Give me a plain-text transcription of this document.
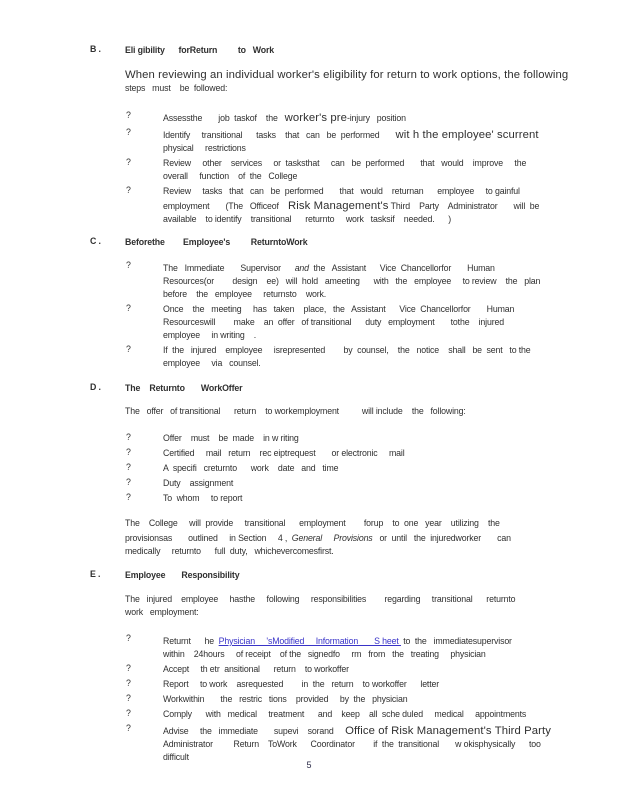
B .	Eli gibility      forReturn         to   Work
When reviewing an individual worker's eligibility for return to work options, the following
steps   must    be  followed:
?	Assessthe       job  taskof    the   worker's pre-injury   position
?	Identify     transitional      tasks    that   can   be  performed       wit h the employee' scurrent
physical     restrictions
?	Review     other    services     or  tasksthat     can   be  performed       that   would    improve     the
overall     function    of  the   College
?	Review     tasks   that   can   be  performed       that   would    returnan      employee     to gainful
employment       (The   Officeof    Risk Management's Third    Party    Administrator       will  be
available    to identify    transitional      returnto     work   tasksif    needed.      )
C .	Beforethe        Employee's         ReturntoWork
?	The   Immediate       Supervisor      and  the   Assistant      Vice  Chancellorfor       Human
Resources(or        design    ee)   will  hold   ameeting      with   the   employee     to review    the   plan
before    the   employee     returnsto    work.
?	Once    the   meeting     has   taken    place,   the   Assistant      Vice  Chancellorfor       Human
Resourceswill        make    an  offer   of transitional      duty   employment       tothe    injured
employee     in writing    .
?	If  the   injured    employee     isrepresented        by  counsel,    the   notice    shall   be  sent   to the
employee     via   counsel.
D .	The    Returnto       WorkOffer
The   offer   of transitional      return    to workemployment          will include    the   following:
?	Offer    must    be  made    in w riting
?	Certified     mail   return    rec eiptrequest       or electronic     mail
?	A  specifi   creturnto      work    date   and   time
?	Duty    assignment
?	To  whom     to report
The    College     will  provide     transitional      employment        forup    to  one   year    utilizing    the
provisionsas       outlined     in Section     4 ,  General     Provisions   or  until   the  injuredworker       can
medically     returnto      full  duty,   whichevercomesfirst.
E .	Employee       Responsibility
The   injured    employee     hasthe     following     responsibilities        regarding     transitional      returnto
work   employment:
?	Returnt      he  Physician     'sModified     Information       S heet  to  the   immediatesupervisor
within    24hours     of receipt    of the   signedfo     rm   from   the   treating     physician
?	Accept     th etr  ansitional      return    to workoffer
?	Report     to work    asrequested        in  the   return    to workoffer      letter
?	Workwithin       the   restric   tions    provided     by  the   physician
?	Comply      with   medical     treatment      and    keep    all  sche duled     medical     appointments
?	Advise     the   immediate       supevi    sorand     Office of Risk Management's Third Party
Administrator         Return    ToWork      Coordinator        if  the  transitional       w okisphysically      too
difficult
5
